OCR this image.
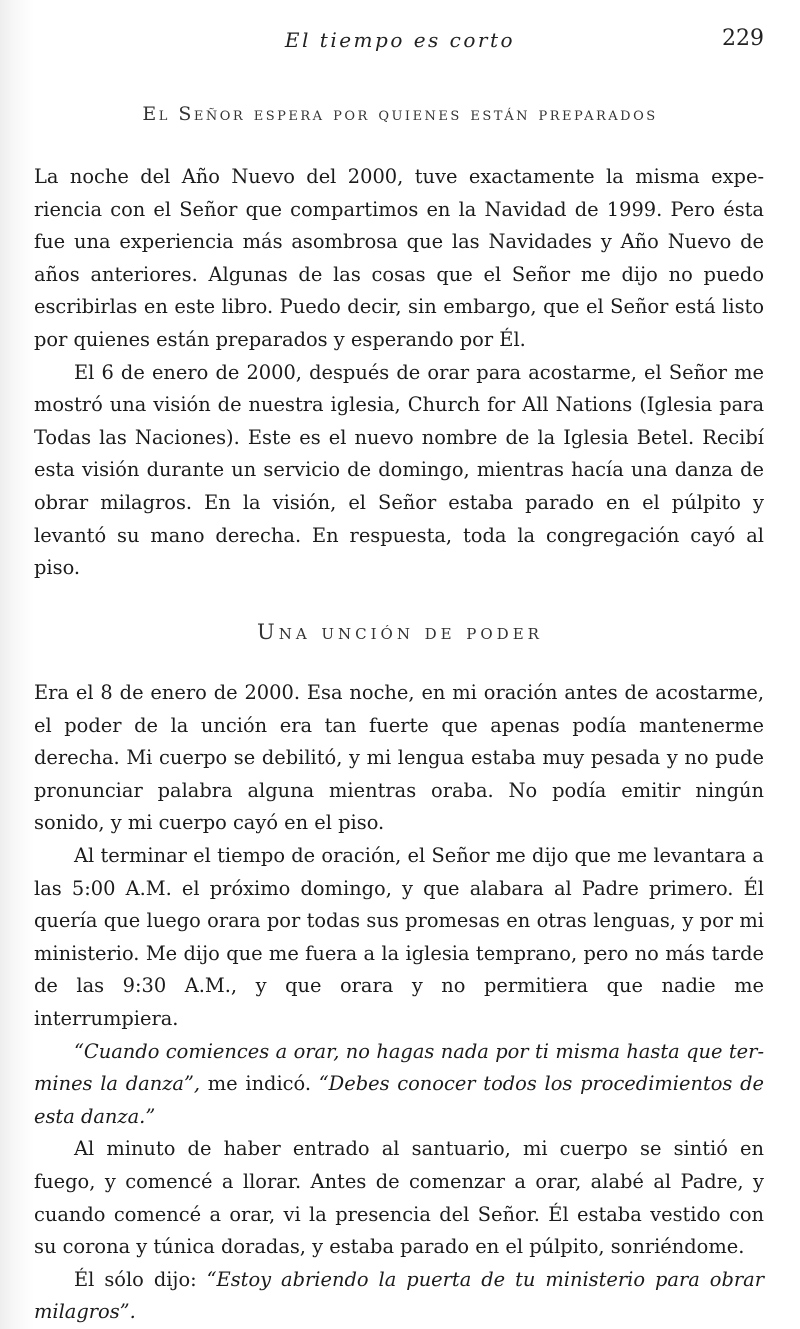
El tiempo es corto	229
El Señor espera por quienes están preparados

La noche del Año Nuevo del 2000, tuve exactamente la misma experiencia con el Señor que compartimos en la Navidad de 1999. Pero ésta fue una experiencia más asombrosa que las Navidades y Año Nuevo de años anteriores. Algunas de las cosas que el Señor me dijo no puedo escribirlas en este libro. Puedo decir, sin embargo, que el Señor está listo por quienes están preparados y esperando por Él.

El 6 de enero de 2000, después de orar para acostarme, el Señor me mostró una visión de nuestra iglesia, Church for All Nations (Iglesia para Todas las Naciones). Este es el nuevo nombre de la Iglesia Betel. Recibí esta visión durante un servicio de domingo, mientras hacía una danza de obrar milagros. En la visión, el Señor estaba parado en el púlpito y levantó su mano derecha. En respuesta, toda la congregación cayó al piso.

Una unción de poder

Era el 8 de enero de 2000. Esa noche, en mi oración antes de acostarme, el poder de la unción era tan fuerte que apenas podía mantenerme derecha. Mi cuerpo se debilitó, y mi lengua estaba muy pesada y no pude pronunciar palabra alguna mientras oraba. No podía emitir ningún sonido, y mi cuerpo cayó en el piso.

Al terminar el tiempo de oración, el Señor me dijo que me levantara a las 5:00 A.M. el próximo domingo, y que alabara al Padre primero. Él quería que luego orara por todas sus promesas en otras lenguas, y por mi ministerio. Me dijo que me fuera a la iglesia temprano, pero no más tarde de las 9:30 A.M., y que orara y no permitiera que nadie me interrumpiera.

“Cuando comiences a orar, no hagas nada por ti misma hasta que termines la danza”, me indicó. “Debes conocer todos los procedimientos de esta danza.”

Al minuto de haber entrado al santuario, mi cuerpo se sintió en fuego, y comencé a llorar. Antes de comenzar a orar, alabé al Padre, y cuando comencé a orar, vi la presencia del Señor. Él estaba vestido con su corona y túnica doradas, y estaba parado en el púlpito, sonriéndome.

Él sólo dijo: “Estoy abriendo la puerta de tu ministerio para obrar milagros”.
